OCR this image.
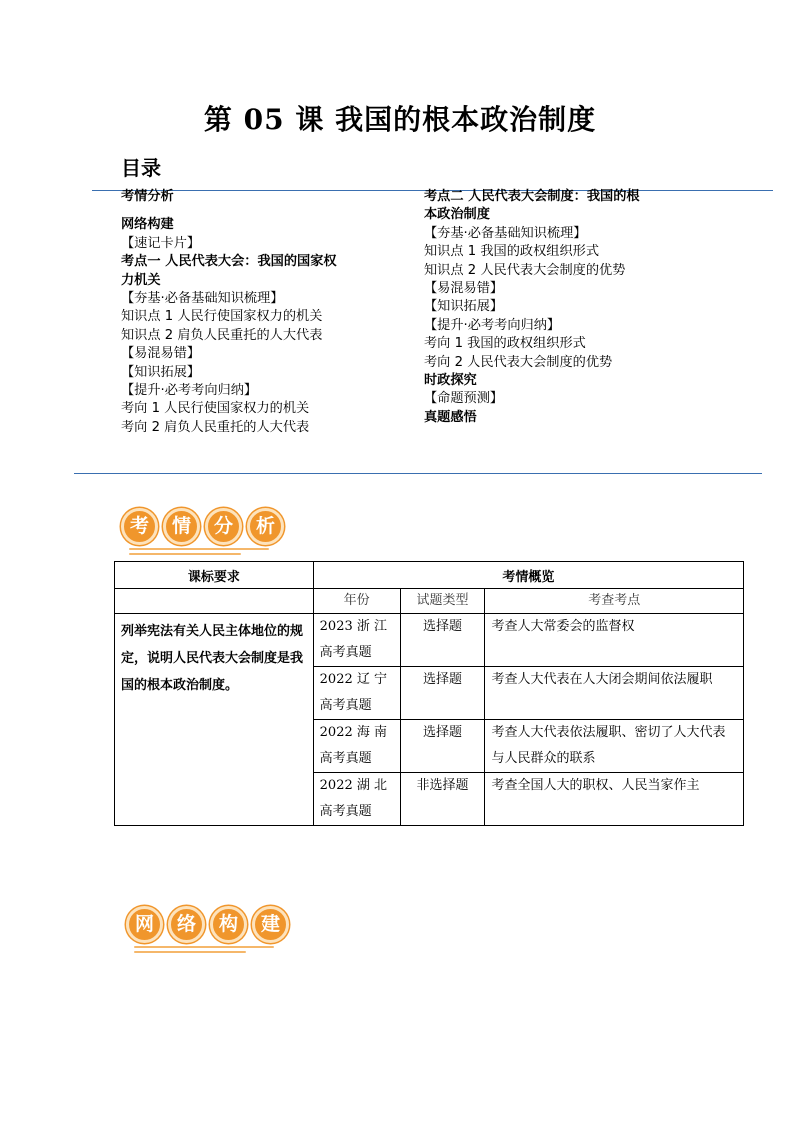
第 05 课 我国的根本政治制度
目录
考情分析
网络构建
【速记卡片】
考点一 人民代表大会：我国的国家权
力机关
【夯基·必备基础知识梳理】
知识点 1 人民行使国家权力的机关
知识点 2 肩负人民重托的人大代表
【易混易错】
【知识拓展】
【提升·必考考向归纳】
考向 1 人民行使国家权力的机关
考向 2 肩负人民重托的人大代表
考点二 人民代表大会制度：我国的根
本政治制度
【夯基·必备基础知识梳理】
知识点 1 我国的政权组织形式
知识点 2 人民代表大会制度的优势
【易混易错】
【知识拓展】
【提升·必考考向归纳】
考向 1 我国的政权组织形式
考向 2 人民代表大会制度的优势
时政探究
【命题预测】
真题感悟
考	情	分	析
课标要求	考情概览		
	年份	试题类型	考查考点
列举宪法有关人民主体地位的规定，说明人民代表大会制度是我国的根本政治制度。	2023 浙 江
高考真题	选择题	考查人大常委会的监督权

	2022 辽 宁
高考真题	选择题	考查人大代表在人大闭会期间依法履职

	2022 海 南
高考真题	选择题	考查人大代表依法履职、密切了人大代表与人民群众的联系

	2022 湖 北
高考真题	非选择题	考查全国人大的职权、人民当家作主
网	络	构	建
